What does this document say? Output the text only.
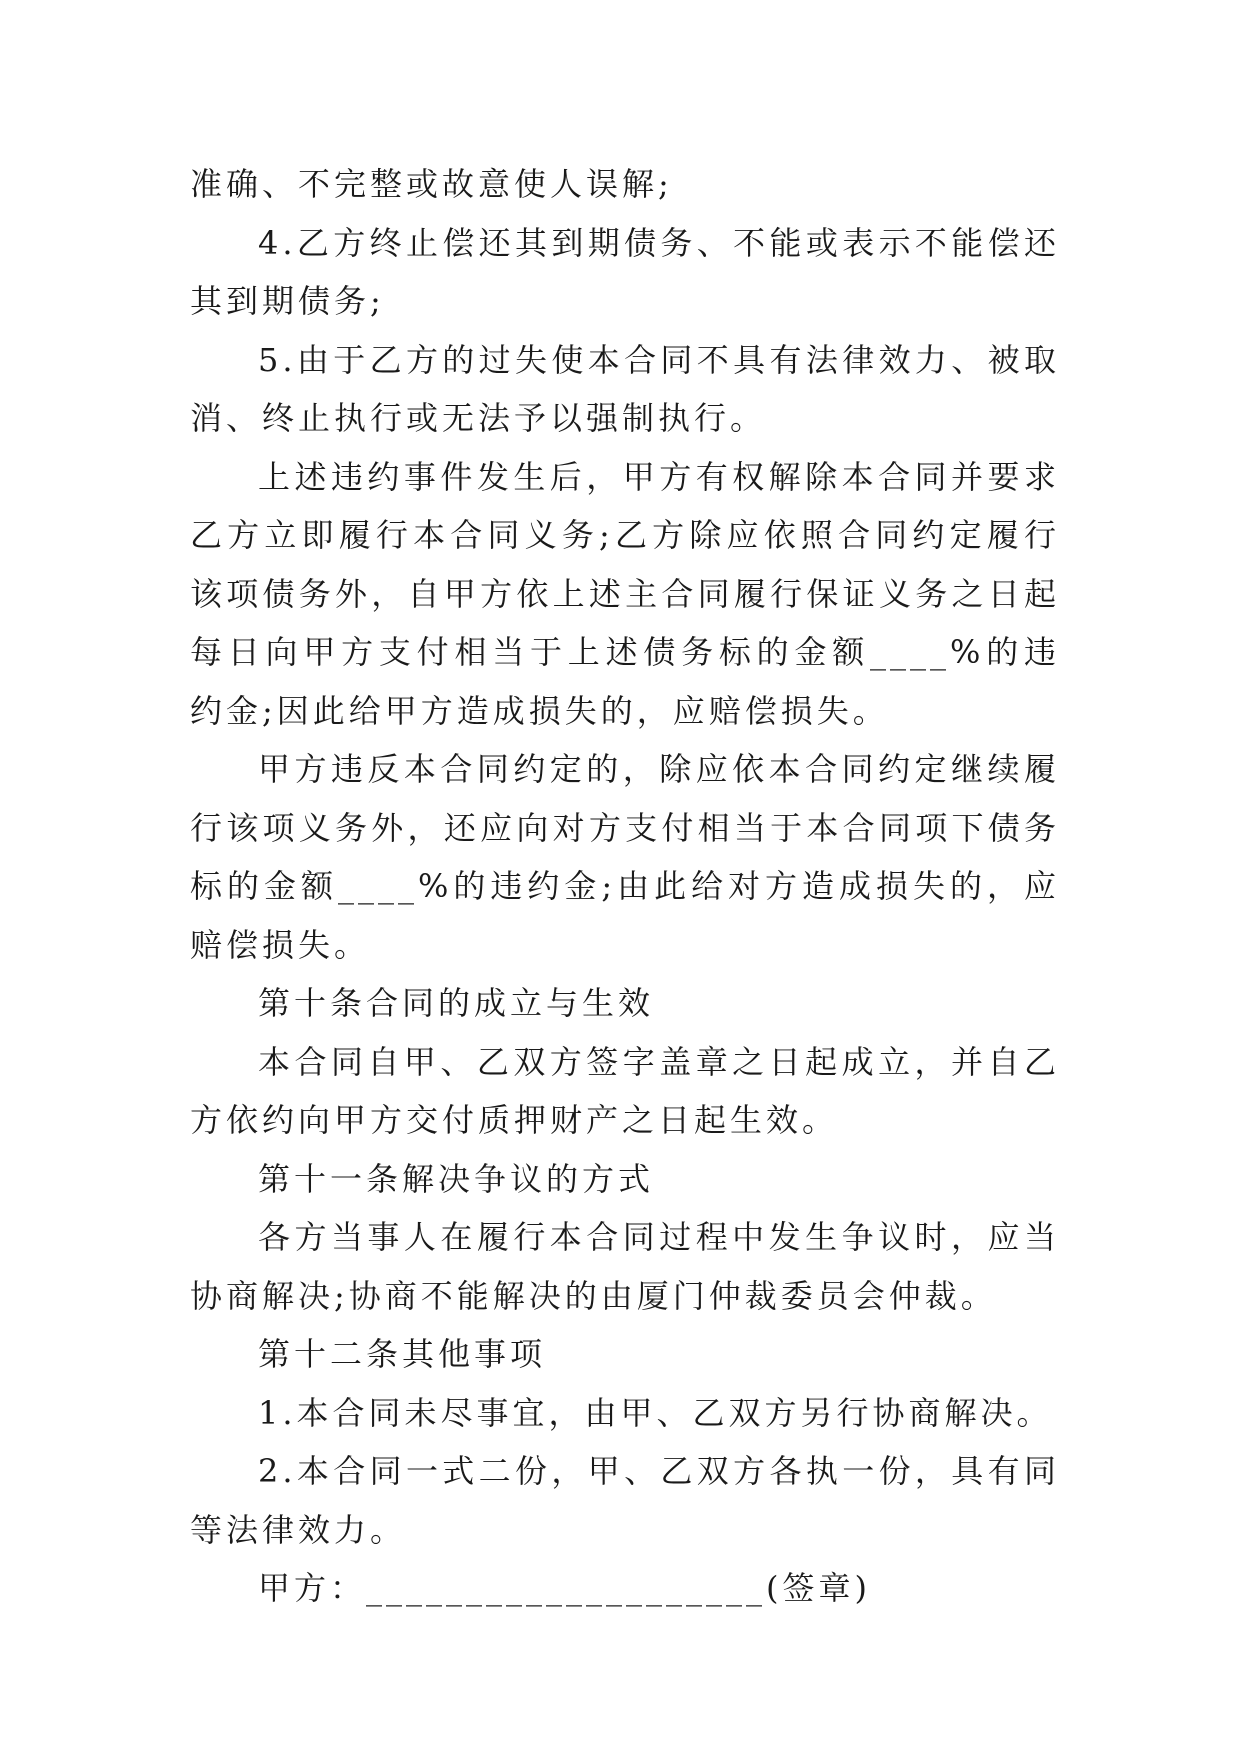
准确、不完整或故意使人误解;

4.乙方终止偿还其到期债务、不能或表示不能偿还其到期债务;

5.由于乙方的过失使本合同不具有法律效力、被取消、终止执行或无法予以强制执行。

上述违约事件发生后，甲方有权解除本合同并要求乙方立即履行本合同义务;乙方除应依照合同约定履行该项债务外，自甲方依上述主合同履行保证义务之日起每日向甲方支付相当于上述债务标的金额____%的违约金;因此给甲方造成损失的，应赔偿损失。

甲方违反本合同约定的，除应依本合同约定继续履行该项义务外，还应向对方支付相当于本合同项下债务标的金额____%的违约金;由此给对方造成损失的，应赔偿损失。

第十条合同的成立与生效

本合同自甲、乙双方签字盖章之日起成立，并自乙方依约向甲方交付质押财产之日起生效。

第十一条解决争议的方式

各方当事人在履行本合同过程中发生争议时，应当协商解决;协商不能解决的由厦门仲裁委员会仲裁。

第十二条其他事项

1.本合同未尽事宜，由甲、乙双方另行协商解决。

2.本合同一式二份，甲、乙双方各执一份，具有同等法律效力。

甲方：____________________(签章)
